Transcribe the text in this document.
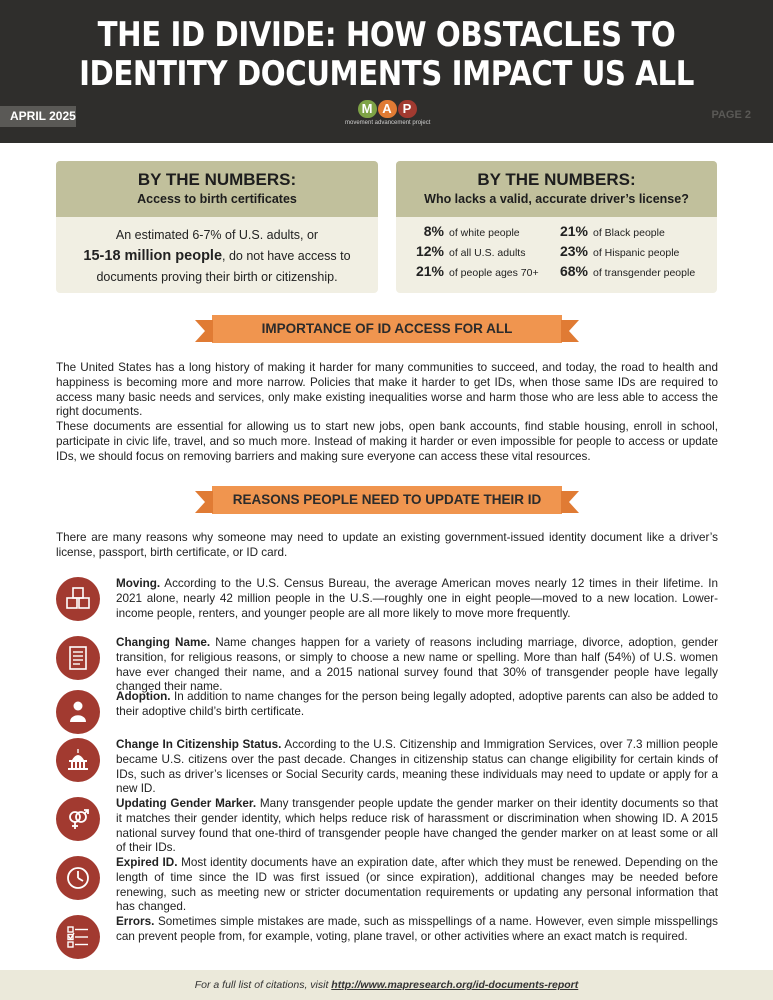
THE ID DIVIDE: HOW OBSTACLES TO
IDENTITY DOCUMENTS IMPACT US ALL
APRIL 2025	M A P
movement advancement project
PAGE 2
BY THE NUMBERS:
Access to birth certificates
An estimated 6-7% of U.S. adults, or
15-18 million people, do not have access to
documents proving their birth or citizenship.
BY THE NUMBERS:
Who lacks a valid, accurate driver’s license?
8% of white people
12% of all U.S. adults
21% of people ages 70+
21% of Black people
23% of Hispanic people
68% of transgender people
IMPORTANCE OF ID ACCESS FOR ALL
The United States has a long history of making it harder for many communities to succeed, and today, the road to health and happiness is becoming more and more narrow. Policies that make it harder to get IDs, when those same IDs are required to access many basic needs and services, only make existing inequalities worse and harm those who are less able to access the right documents.
These documents are essential for allowing us to start new jobs, open bank accounts, find stable housing, enroll in school, participate in civic life, travel, and so much more. Instead of making it harder or even impossible for people to access or update IDs, we should focus on removing barriers and making sure everyone can access these vital resources.
REASONS PEOPLE NEED TO UPDATE THEIR ID
There are many reasons why someone may need to update an existing government-issued identity document like a driver’s license, passport, birth certificate, or ID card.
Moving. According to the U.S. Census Bureau, the average American moves nearly 12 times in their lifetime. In 2021 alone, nearly 42 million people in the U.S.—roughly one in eight people—moved to a new location. Lower-income people, renters, and younger people are all more likely to move more frequently.
Changing Name. Name changes happen for a variety of reasons including marriage, divorce, adoption, gender transition, for religious reasons, or simply to choose a new name or spelling. More than half (54%) of U.S. women have ever changed their name, and a 2015 national survey found that 30% of transgender people have legally changed their name.
Adoption. In addition to name changes for the person being legally adopted, adoptive parents can also be added to their adoptive child’s birth certificate.
Change In Citizenship Status. According to the U.S. Citizenship and Immigration Services, over 7.3 million people became U.S. citizens over the past decade. Changes in citizenship status can change eligibility for certain kinds of IDs, such as driver’s licenses or Social Security cards, meaning these individuals may need to update or apply for a new ID.
Updating Gender Marker. Many transgender people update the gender marker on their identity documents so that it matches their gender identity, which helps reduce risk of harassment or discrimination when showing ID. A 2015 national survey found that one-third of transgender people have changed the gender marker on at least some or all of their IDs.
Expired ID. Most identity documents have an expiration date, after which they must be renewed. Depending on the length of time since the ID was first issued (or since expiration), additional changes may be needed before renewing, such as meeting new or stricter documentation requirements or updating any personal information that has changed.
Errors. Sometimes simple mistakes are made, such as misspellings of a name. However, even simple misspellings can prevent people from, for example, voting, plane travel, or other activities where an exact match is required.
For a full list of citations, visit http://www.mapresearch.org/id-documents-report
